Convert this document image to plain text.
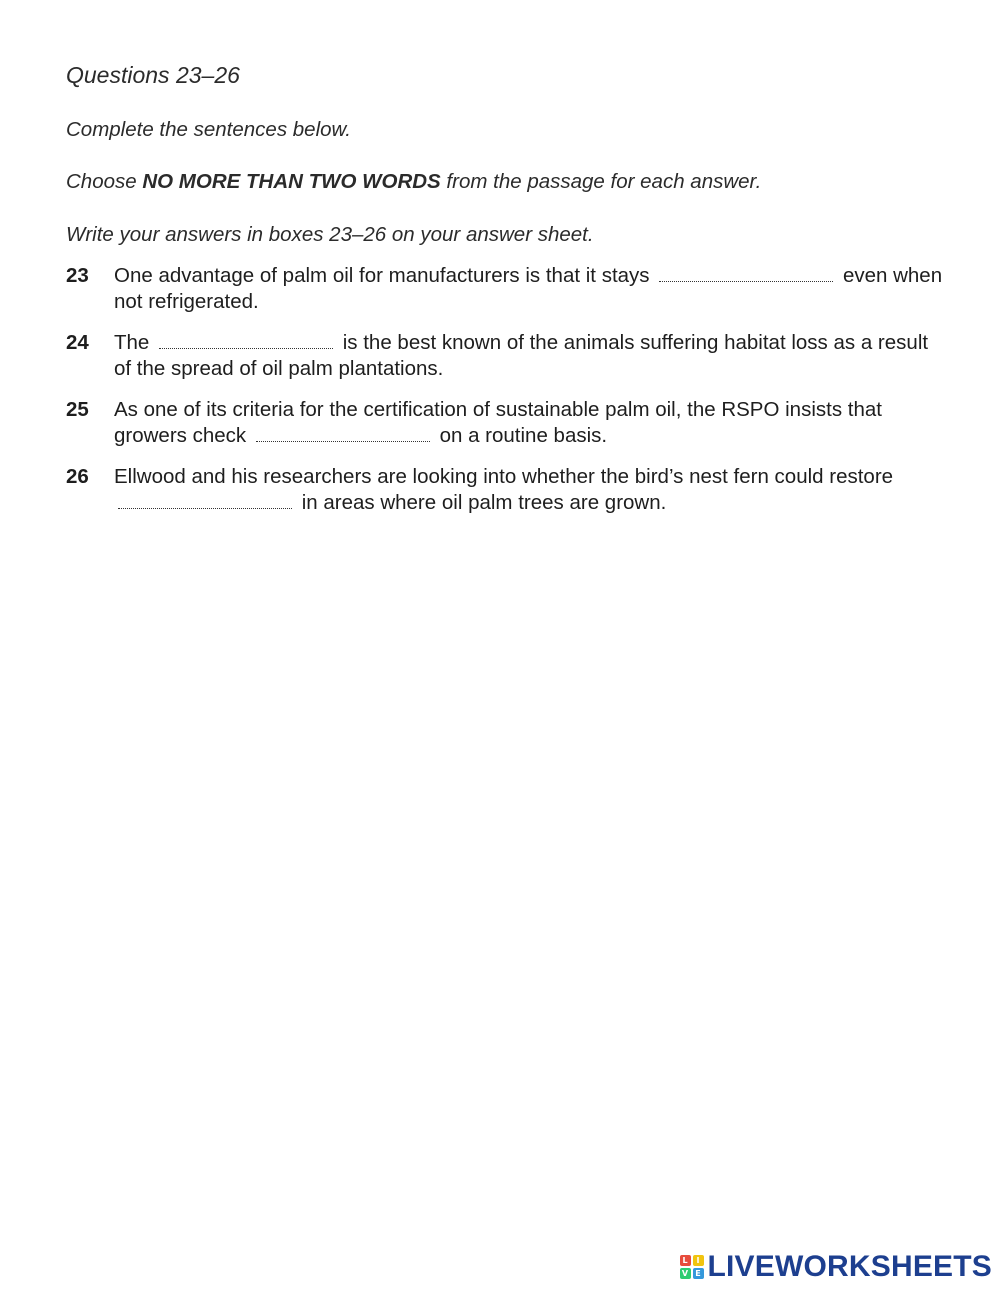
Questions 23–26

Complete the sentences below.

Choose NO MORE THAN TWO WORDS from the passage for each answer.

Write your answers in boxes 23–26 on your answer sheet.

23	One advantage of palm oil for manufacturers is that it stays	even when not refrigerated.
24	The	is the best known of the animals suffering habitat loss as a result of the spread of oil palm plantations.
25	As one of its criteria for the certification of sustainable palm oil, the RSPO insists that growers check	on a routine basis.
26	Ellwood and his researchers are looking into whether the bird’s nest fern could restore  in areas where oil palm trees are grown.
L	I
V E LIVEWORKSHEETS
